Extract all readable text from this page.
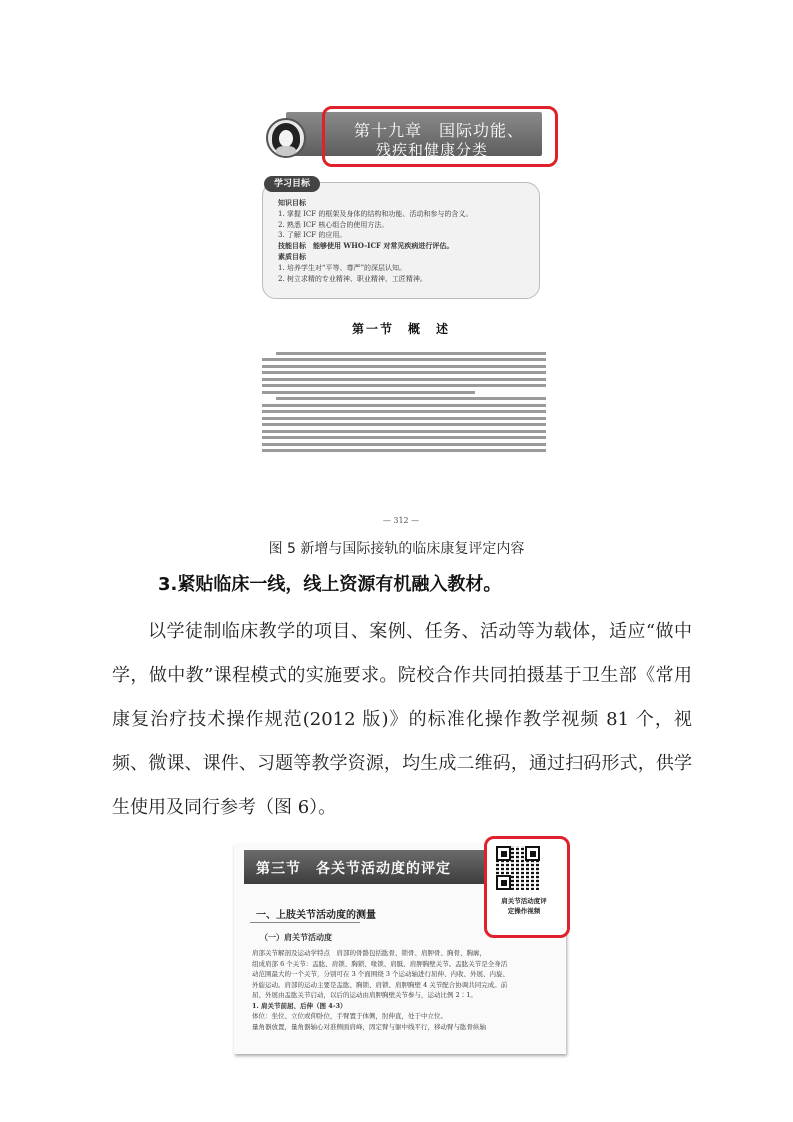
第十九章　国际功能、
残疾和健康分类
学习目标
知识目标
1. 掌握 ICF 的框架及身体的结构和功能、活动和参与的含义。
2. 熟悉 ICF 核心组合的使用方法。
3. 了解 ICF 的应用。
技能目标　能够使用 WHO-ICF 对常见疾病进行评估。
素质目标
1. 培养学生对“平等、尊严”的深层认知。
2. 树立求精的专业精神、职业精神、工匠精神。
第一节　概　述
— 312 —
图 5 新增与国际接轨的临床康复评定内容
3.紧贴临床一线，线上资源有机融入教材。

以学徒制临床教学的项目、案例、任务、活动等为载体，适应“做中学，做中教”课程模式的实施要求。院校合作共同拍摄基于卫生部《常用康复治疗技术操作规范(2012 版)》的标准化操作教学视频 81 个，视频、微课、课件、习题等教学资源，均生成二维码，通过扫码形式，供学生使用及同行参考（图 6）。

第三节　各关节活动度的评定
肩关节活动度评
定操作视频
一、上肢关节活动度的测量
（一）肩关节活动度
肩部关节解剖及运动学特点　肩部的骨骼包括肱骨、锁骨、肩胛骨、胸骨、胸廓，
组成肩部 6 个关节：盂肱、肩锁、胸锁、喙锁、肩胝、肩胛胸壁关节。盂肱关节是全身活
动范围最大的一个关节，分别可在 3 个面围绕 3 个运动轴进行屈伸、内收、外展、内旋、
外旋运动。肩部的运动主要是盂肱、胸锁、肩锁、肩胛胸壁 4 关节配合协调共同完成。前
屈、外展由盂肱关节启动，以后的运动由肩胛胸壁关节参与，运动比例 2∶1。
1. 肩关节前屈、后伸（图 4-3）
体位：坐位、立位或仰卧位，手臂置于体侧，肘伸直，处于中立位。
量角器放置，量角器轴心对准侧面肩峰，固定臂与躯中线平行，移动臂与肱骨纵轴
